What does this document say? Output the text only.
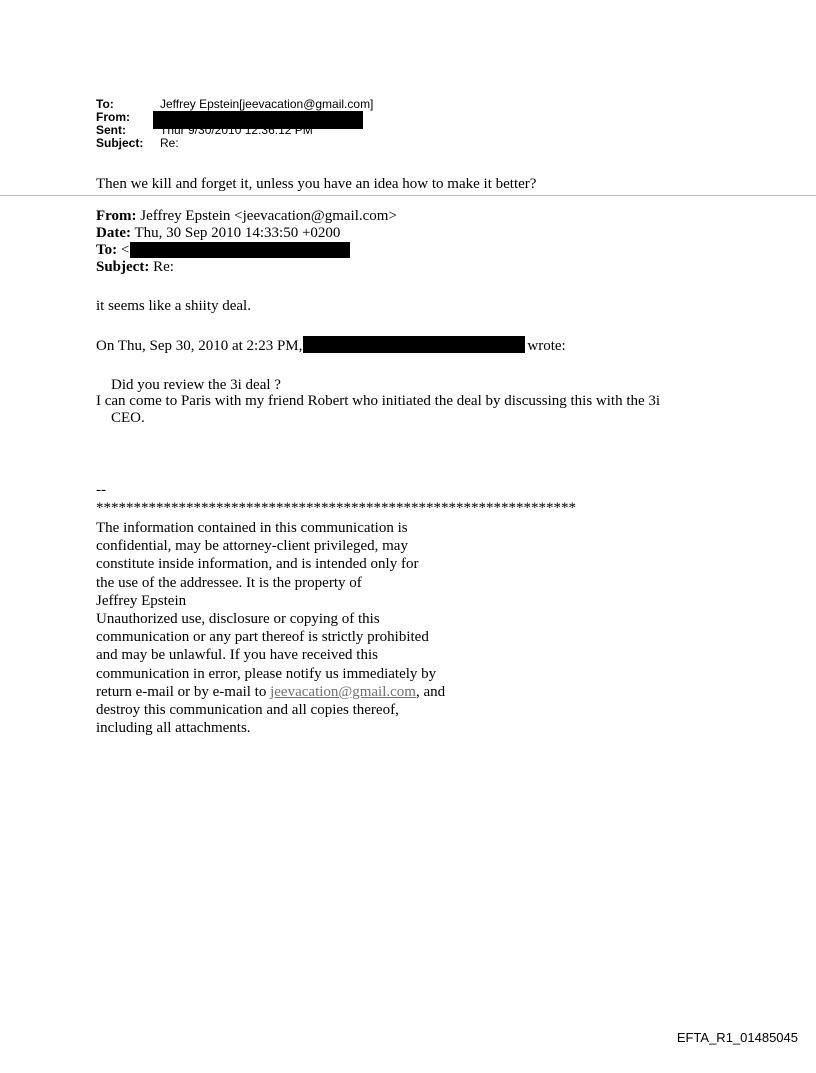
To:	Jeffrey Epstein[jeevacation@gmail.com]
From:
Sent:	Thur 9/30/2010 12:36:12 PM
Subject: Re:
Then we kill and forget it, unless you have an idea how to make it better?
From: Jeffrey Epstein <jeevacation@gmail.com>
Date: Thu, 30 Sep 2010 14:33:50 +0200
To: <
Subject: Re:
it seems like a shiity deal.
On Thu, Sep 30, 2010 at 2:23 PM,	wrote:
Did you review the 3i deal ?
I can come to Paris with my friend Robert who initiated the deal by discussing this with the 3i
CEO.
--
****************************************************************
The information contained in this communication is
confidential, may be attorney-client privileged, may
constitute inside information, and is intended only for
the use of the addressee. It is the property of
Jeffrey Epstein
Unauthorized use, disclosure or copying of this
communication or any part thereof is strictly prohibited
and may be unlawful. If you have received this
communication in error, please notify us immediately by
return e-mail or by e-mail to jeevacation@gmail.com, and
destroy this communication and all copies thereof,
including all attachments.
EFTA_R1_01485045
